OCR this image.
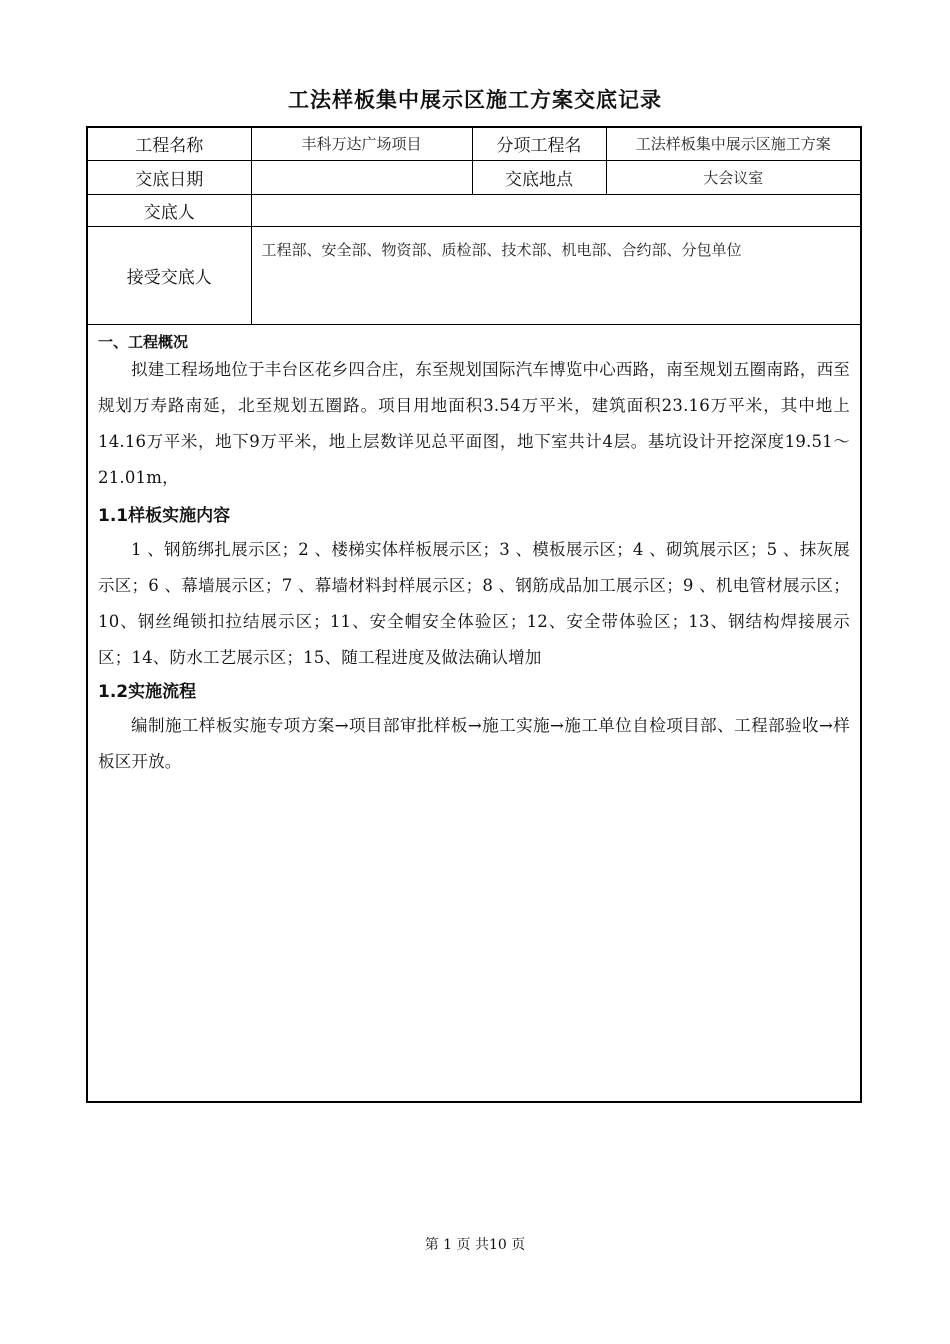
工法样板集中展示区施工方案交底记录
工程名称	丰科万达广场项目	分项工程名	工法样板集中展示区施工方案
交底日期		交底地点	大会议室
交底人			
接受交底人	工程部、安全部、物资部、质检部、技术部、机电部、合约部、分包单位		

一、工程概况

拟建工程场地位于丰台区花乡四合庄，东至规划国际汽车博览中心西路，南至规划五圈南路，西至规划万寿路南延，北至规划五圈路。项目用地面积3.54万平米，建筑面积23.16万平米，其中地上14.16万平米，地下9万平米，地上层数详见总平面图，地下室共计4层。基坑设计开挖深度19.51～21.01m，

1.1样板实施内容

1 、钢筋绑扎展示区；2 、楼梯实体样板展示区；3 、模板展示区；4 、砌筑展示区；5 、抹灰展示区；6 、幕墙展示区；7 、幕墙材料封样展示区；8 、钢筋成品加工展示区；9 、机电管材展示区；10、钢丝绳锁扣拉结展示区；11、安全帽安全体验区；12、安全带体验区；13、钢结构焊接展示区；14、防水工艺展示区；15、随工程进度及做法确认增加

1.2实施流程

编制施工样板实施专项方案→项目部审批样板→施工实施→施工单位自检项目部、工程部验收→样板区开放。

第 1 页 共10 页
